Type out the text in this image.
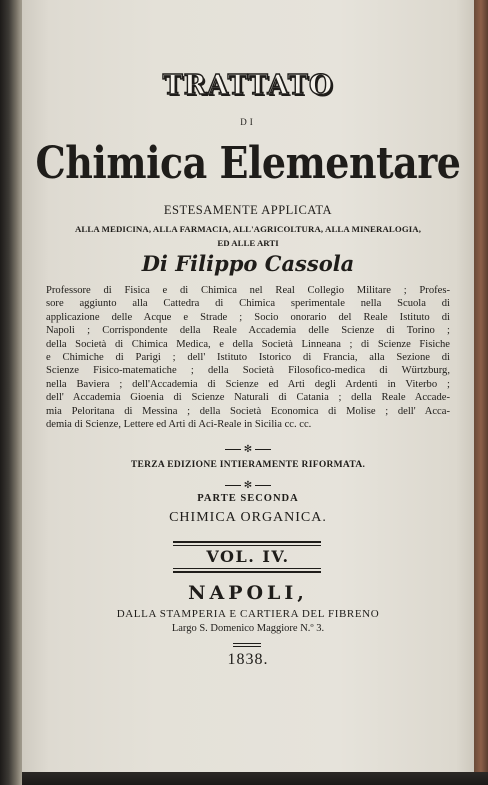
TRATTATO
DI
Chimica Elementare
ESTESAMENTE APPLICATA
ALLA MEDICINA, ALLA FARMACIA, ALL'AGRICOLTURA, ALLA MINERALOGIA,
ED ALLE ARTI
Di Filippo Cassola
Professore di Fisica e di Chimica nel Real Collegio Militare ; Profes-
sore aggiunto alla Cattedra di Chimica sperimentale nella Scuola di
applicazione delle Acque e Strade ; Socio onorario del Reale Istituto di
Napoli ; Corrispondente della Reale Accademia delle Scienze di Torino ;
della Società di Chimica Medica, e della Società Linneana ; di Scienze Fisiche
e Chimiche di Parigi ; dell' Istituto Istorico di Francia, alla Sezione di
Scienze Fisico-matematiche ; della Società Filosofico-medica di Würtzburg,
nella Baviera ; dell'Accademia di Scienze ed Arti degli Ardenti in Viterbo ;
dell' Accademia Gioenia di Scienze Naturali di Catania ; della Reale Accade-
mia Peloritana di Messina ; della Società Economica di Molise ; dell' Acca-
demia di Scienze, Lettere ed Arti di Aci-Reale in Sicilia cc. cc.
✻
TERZA EDIZIONE INTIERAMENTE RIFORMATA.
✻
PARTE SECONDA
CHIMICA ORGANICA.
VOL. IV.
NAPOLI,
DALLA STAMPERIA E CARTIERA DEL FIBRENO
Largo S. Domenico Maggiore N.º 3.
1838.
